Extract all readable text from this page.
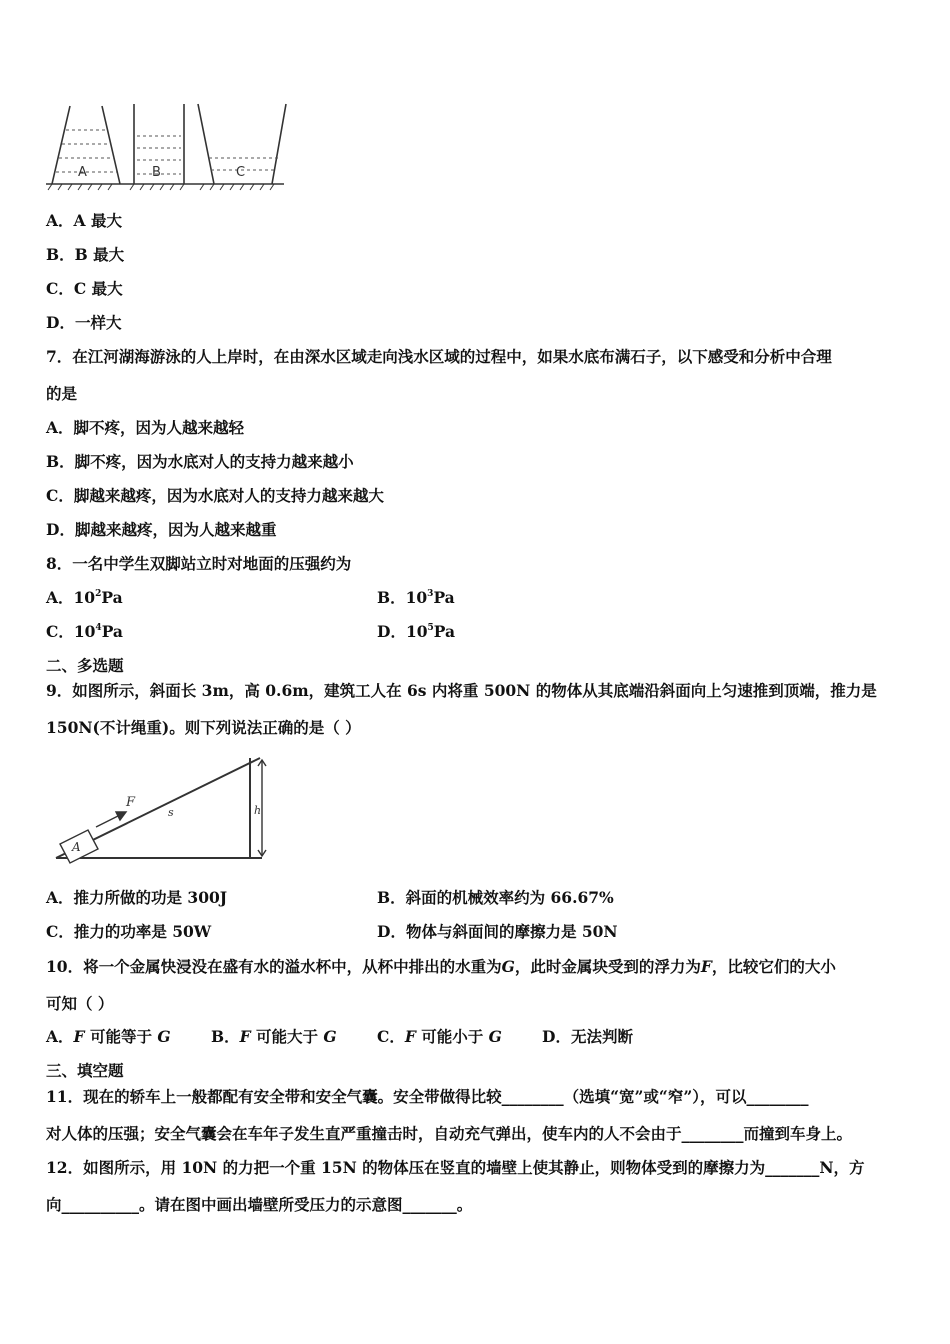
A	B	C
A．A 最大
B．B 最大
C．C 最大
D．一样大
7．在江河湖海游泳的人上岸时，在由深水区域走向浅水区域的过程中，如果水底布满石子，以下感受和分析中合理
的是
A．脚不疼，因为人越来越轻
B．脚不疼，因为水底对人的支持力越来越小
C．脚越来越疼，因为水底对人的支持力越来越大
D．脚越来越疼，因为人越来越重
8．一名中学生双脚站立时对地面的压强约为
A．$10^2Pa$	B．$10^3Pa$
C．$10^4Pa$	D．$10^5Pa$
二、多选题
9．如图所示，斜面长 3m，高 0.6m，建筑工人在 6s 内将重 500N 的物体从其底端沿斜面向上匀速推到顶端，推力是
150N(不计绳重)。则下列说法正确的是（ ）
A
F
s	h
A．推力所做的功是 300J	B．斜面的机械效率约为 66.67%
C．推力的功率是 50W	D．物体与斜面间的摩擦力是 50N
10．将一个金属快浸没在盛有水的溢水杯中，从杯中排出的水重为G，此时金属块受到的浮力为F，比较它们的大小
可知（ ）
A．F 可能等于 G	B．F 可能大于 G	C．F 可能小于 G	D．无法判断
三、填空题
11．现在的轿车上一般都配有安全带和安全气囊。安全带做得比较________（选填“宽”或“窄”），可以________
对人体的压强；安全气囊会在车年子发生直严重撞击时，自动充气弹出，使车内的人不会由于________而撞到车身上。
12．如图所示，用 10N 的力把一个重 15N 的物体压在竖直的墙壁上使其静止，则物体受到的摩擦力为_______N，方
向__________。请在图中画出墙壁所受压力的示意图_______。
